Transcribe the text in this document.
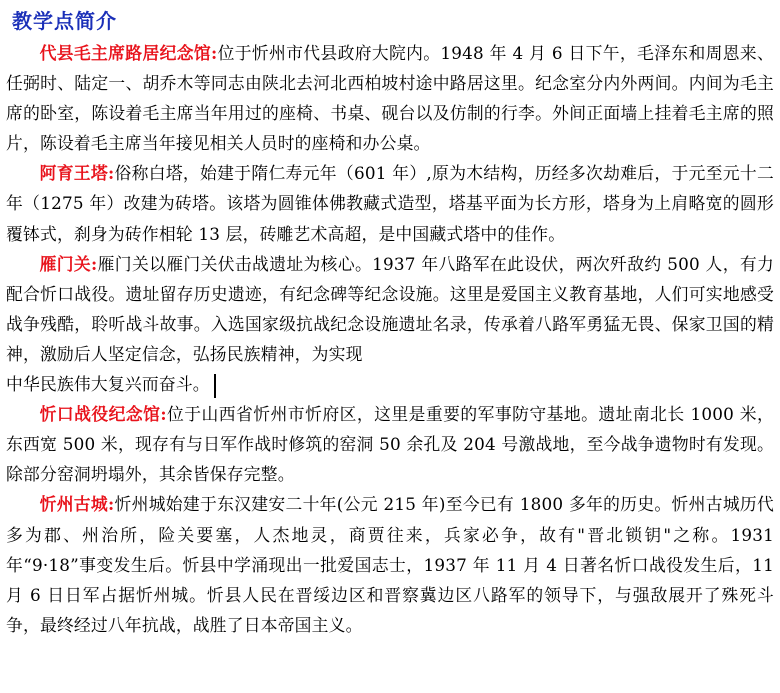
教学点简介

代县毛主席路居纪念馆:位于忻州市代县政府大院内。1948 年 4 月 6 日下午，毛泽东和周恩来、任弼时、陆定一、胡乔木等同志由陕北去河北西柏坡村途中路居这里。纪念室分内外两间。内间为毛主席的卧室，陈设着毛主席当年用过的座椅、书桌、砚台以及仿制的行李。外间正面墙上挂着毛主席的照片，陈设着毛主席当年接见相关人员时的座椅和办公桌。

阿育王塔:俗称白塔，始建于隋仁寿元年（601 年）,原为木结构，历经多次劫难后，于元至元十二年（1275 年）改建为砖塔。该塔为圆锥体佛教藏式造型，塔基平面为长方形，塔身为上肩略宽的圆形覆钵式，刹身为砖作相轮 13 层，砖雕艺术高超，是中国藏式塔中的佳作。

雁门关:雁门关以雁门关伏击战遗址为核心。1937 年八路军在此设伏，两次歼敌约 500 人，有力配合忻口战役。遗址留存历史遗迹，有纪念碑等纪念设施。这里是爱国主义教育基地，人们可实地感受战争残酷，聆听战斗故事。入选国家级抗战纪念设施遗址名录，传承着八路军勇猛无畏、保家卫国的精神，激励后人坚定信念，弘扬民族精神，为实现
中华民族伟大复兴而奋斗。

忻口战役纪念馆:位于山西省忻州市忻府区，这里是重要的军事防守基地。遗址南北长 1000 米，东西宽 500 米，现存有与日军作战时修筑的窑洞 50 余孔及 204 号激战地，至今战争遗物时有发现。除部分窑洞坍塌外，其余皆保存完整。

忻州古城:忻州城始建于东汉建安二十年(公元 215 年)至今已有 1800 多年的历史。忻州古城历代多为郡、州治所，险关要塞，人杰地灵，商贾往来，兵家必争，故有"晋北锁钥"之称。1931 年“9·18”事变发生后。忻县中学涌现出一批爱国志士，1937 年 11 月 4 日著名忻口战役发生后，11 月 6 日日军占据忻州城。忻县人民在晋绥边区和晋察冀边区八路军的领导下，与强敌展开了殊死斗争，最终经过八年抗战，战胜了日本帝国主义。
